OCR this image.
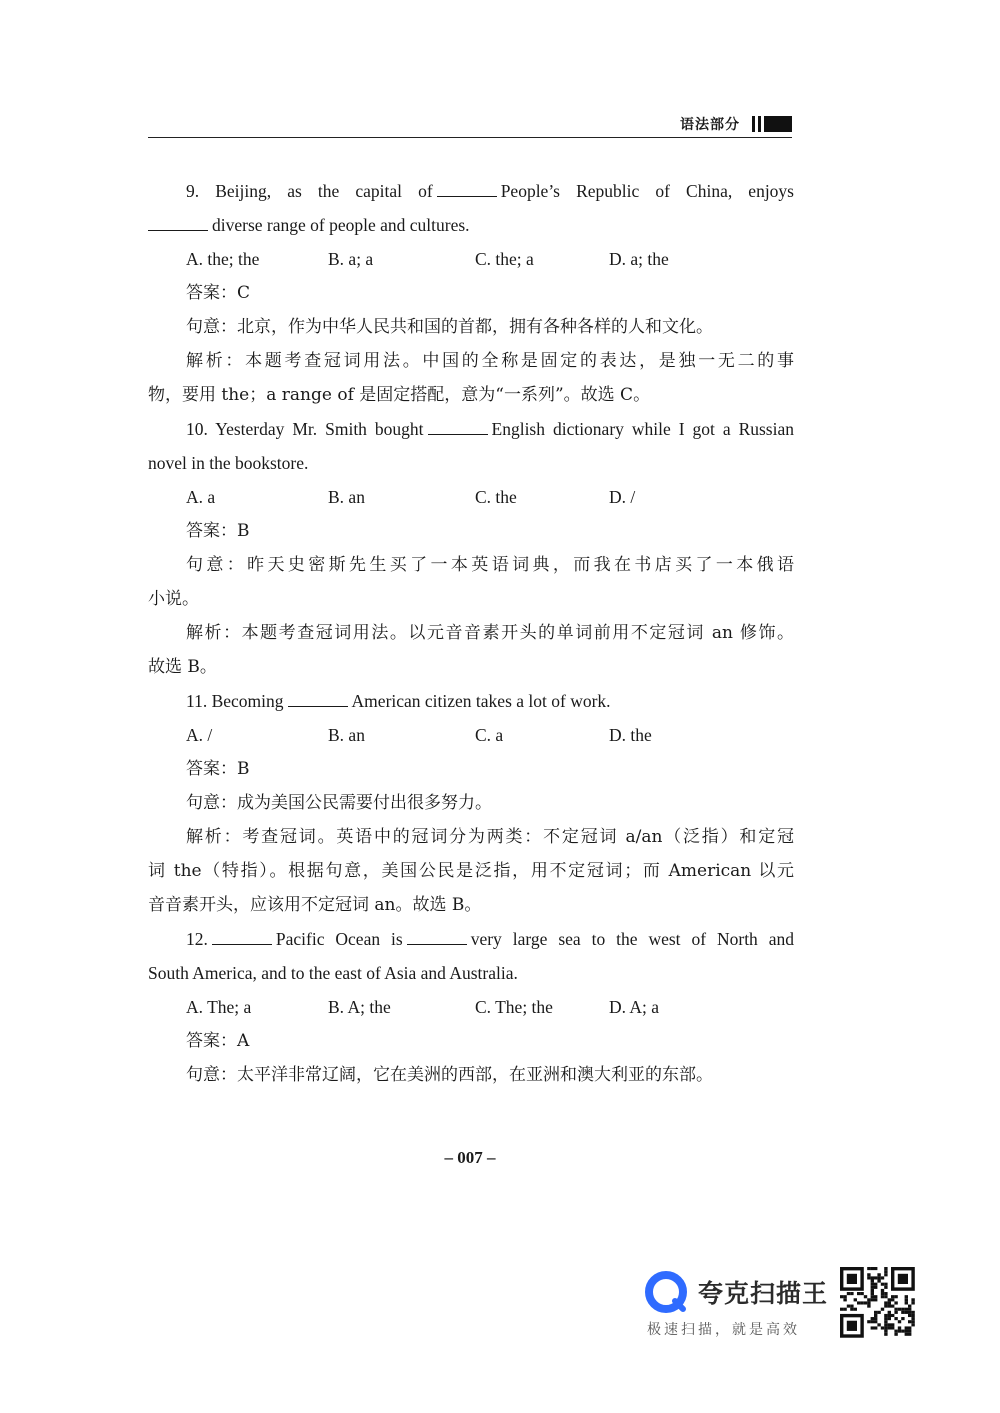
语法部分
9. Beijing, as the capital of	People’s Republic of China, enjoys
diverse range of people and cultures.
A. the; the	B. a; a	C. the; a	D. a; the
答案：C
句意：北京，作为中华人民共和国的首都，拥有各种各样的人和文化。
解析：本题考查冠词用法。中国的全称是固定的表达，是独一无二的事
物，要用 the；a range of 是固定搭配，意为“一系列”。故选 C。
10. Yesterday Mr. Smith bought	English dictionary while I got a Russian
novel in the bookstore.
A. a	B. an	C. the	D. /
答案：B
句意：昨天史密斯先生买了一本英语词典，而我在书店买了一本俄语
小说。
解析：本题考查冠词用法。以元音音素开头的单词前用不定冠词 an 修饰。
故选 B。
11. Becoming	American citizen takes a lot of work.
A. /	B. an	C. a	D. the
答案：B
句意：成为美国公民需要付出很多努力。
解析：考查冠词。英语中的冠词分为两类：不定冠词 a/an（泛指）和定冠
词 the（特指）。根据句意，美国公民是泛指，用不定冠词；而 American 以元
音音素开头，应该用不定冠词 an。故选 B。
12.	Pacific Ocean is	very large sea to the west of North and
South America, and to the east of Asia and Australia.
A. The; a	B. A; the	C. The; the	D. A; a
答案：A
句意：太平洋非常辽阔，它在美洲的西部，在亚洲和澳大利亚的东部。
– 007 –
夸克扫描王
极速扫描，就是高效
